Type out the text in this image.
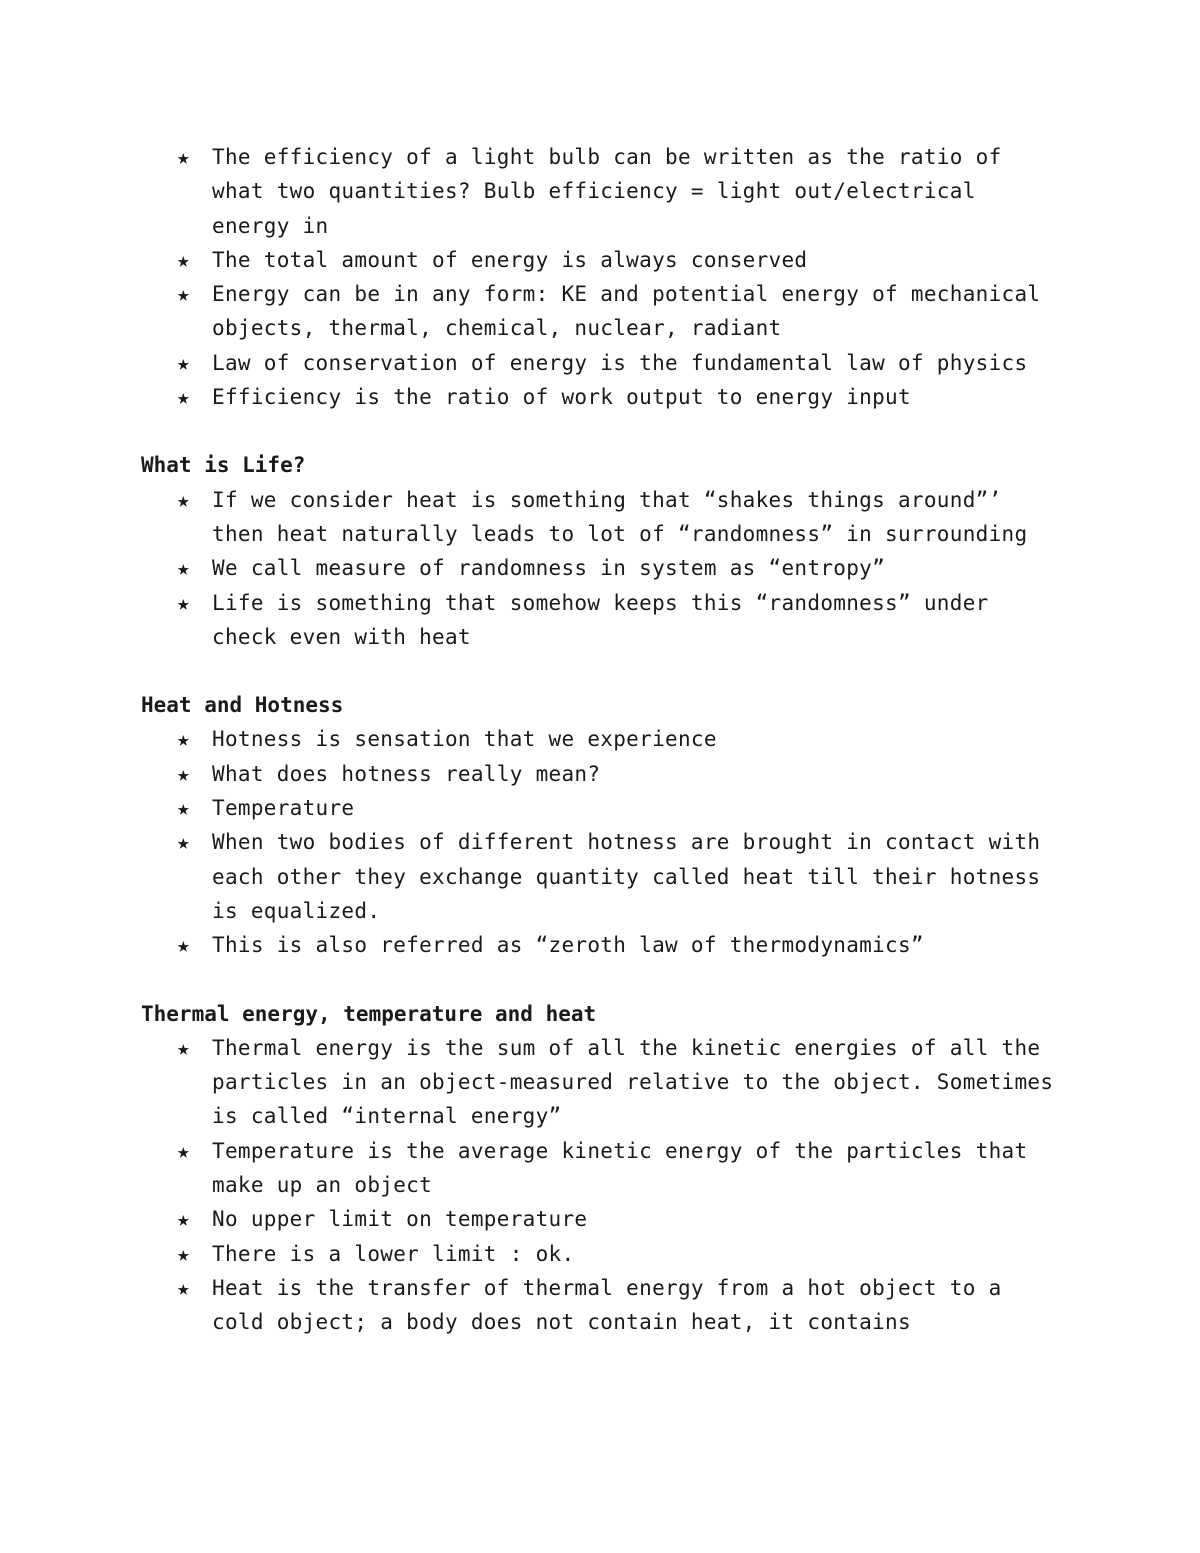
★ The efficiency of a light bulb can be written as the ratio of what two quantities? Bulb efficiency = light out/electrical energy in
★ The total amount of energy is always conserved
★ Energy can be in any form: KE and potential energy of mechanical objects, thermal, chemical, nuclear, radiant
★ Law of conservation of energy is the fundamental law of physics
★ Efficiency is the ratio of work output to energy input
What is Life?
★ If we consider heat is something that “shakes things around”’ then heat naturally leads to lot of “randomness” in surrounding
★ We call measure of randomness in system as “entropy”
★ Life is something that somehow keeps this “randomness” under check even with heat
Heat and Hotness
★ Hotness is sensation that we experience
★ What does hotness really mean?
★ Temperature
★ When two bodies of different hotness are brought in contact with each other they exchange quantity called heat till their hotness is equalized.
★ This is also referred as “zeroth law of thermodynamics”
Thermal energy, temperature and heat
★ Thermal energy is the sum of all the kinetic energies of all the particles in an object-measured relative to the object. Sometimes is called “internal energy”
★ Temperature is the average kinetic energy of the particles that make up an object
★ No upper limit on temperature
★ There is a lower limit : ok.
★ Heat is the transfer of thermal energy from a hot object to a cold object; a body does not contain heat, it contains
